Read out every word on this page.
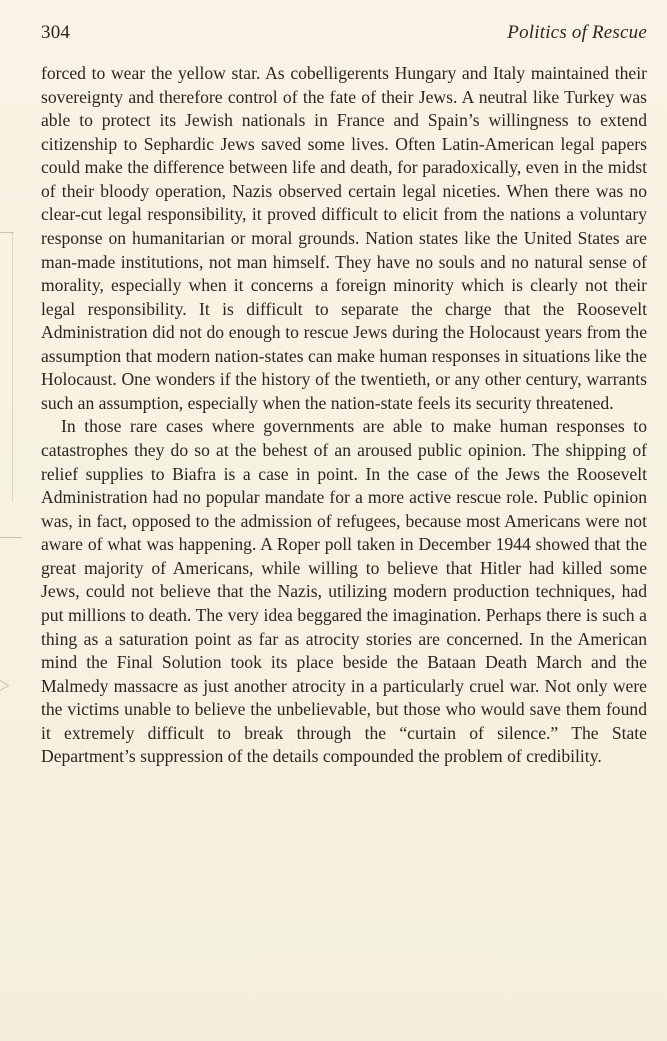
304	Politics of Rescue

forced to wear the yellow star. As cobelligerents Hungary and Italy maintained their sovereignty and therefore control of the fate of their Jews. A neutral like Turkey was able to protect its Jewish nationals in France and Spain’s willingness to extend citizenship to Sephardic Jews saved some lives. Often Latin-American legal papers could make the difference between life and death, for paradoxically, even in the midst of their bloody operation, Nazis observed certain legal niceties. When there was no clear-cut legal responsibility, it proved difficult to elicit from the nations a voluntary response on humanitarian or moral grounds. Nation states like the United States are man-made institutions, not man himself. They have no souls and no natural sense of morality, especially when it concerns a foreign minority which is clearly not their legal responsibility. It is difficult to separate the charge that the Roosevelt Administration did not do enough to rescue Jews during the Holocaust years from the assumption that modern nation-states can make human responses in situations like the Holocaust. One wonders if the history of the twentieth, or any other century, warrants such an assumption, especially when the nation-state feels its security threatened.

In those rare cases where governments are able to make human responses to catastrophes they do so at the behest of an aroused public opinion. The shipping of relief supplies to Biafra is a case in point. In the case of the Jews the Roosevelt Administration had no popular mandate for a more active rescue role. Public opinion was, in fact, opposed to the admission of refugees, because most Americans were not aware of what was happening. A Roper poll taken in December 1944 showed that the great majority of Americans, while willing to believe that Hitler had killed some Jews, could not believe that the Nazis, utilizing modern production techniques, had put millions to death. The very idea beggared the imagination. Perhaps there is such a thing as a saturation point as far as atrocity stories are concerned. In the American mind the Final Solution took its place beside the Bataan Death March and the Malmedy massacre as just another atrocity in a particularly cruel war. Not only were the victims unable to believe the unbelievable, but those who would save them found it extremely difficult to break through the “curtain of silence.” The State Department’s suppression of the details compounded the problem of credibility.
